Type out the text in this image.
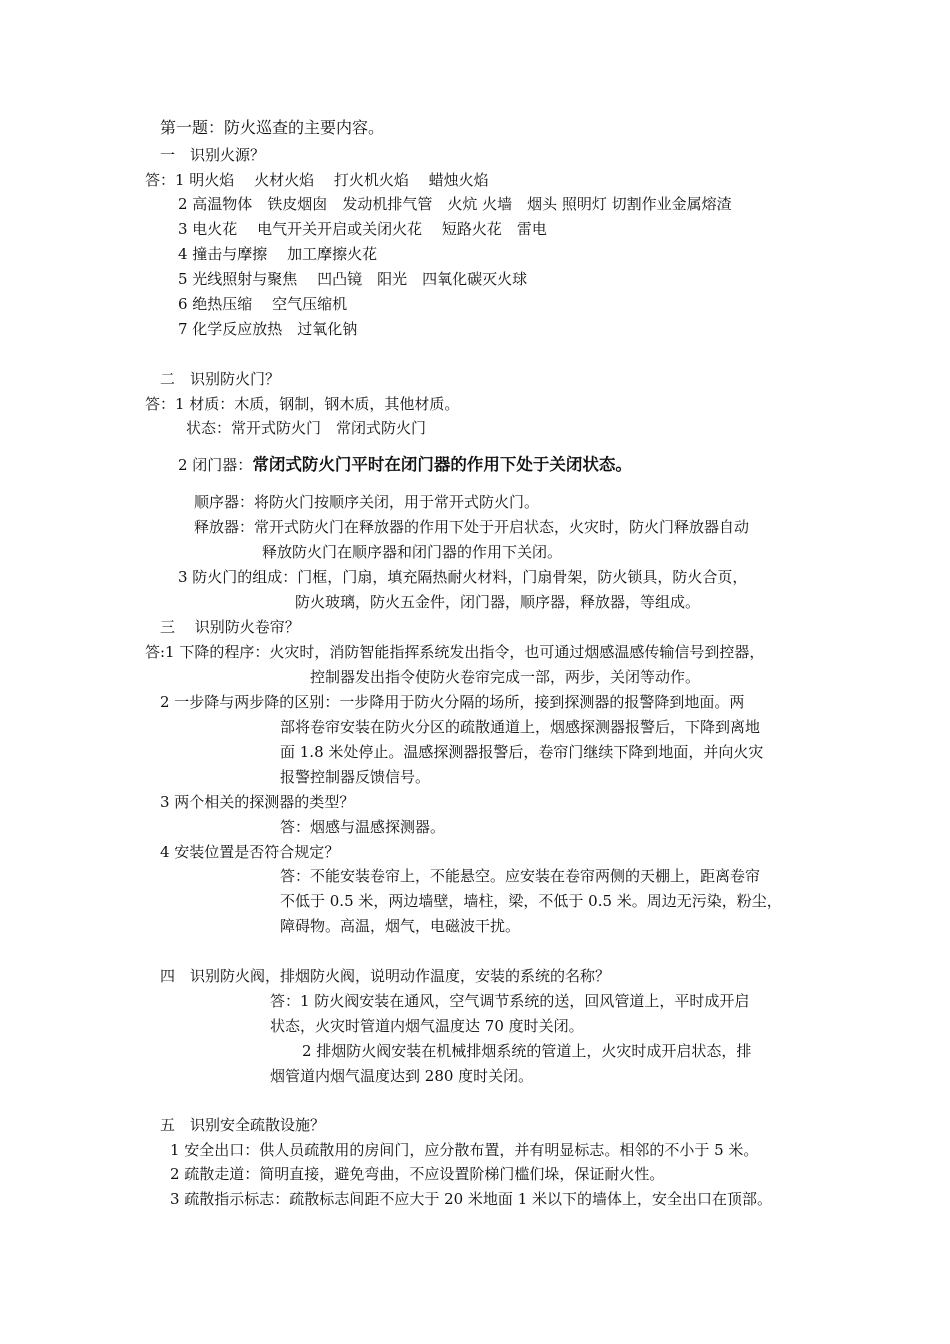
第一题：防火巡查的主要内容。
一　识别火源？
答：1 明火焰　 火材火焰　 打火机火焰　 蜡烛火焰
2 高温物体　铁皮烟囱　发动机排气管　火炕 火墙　烟头 照明灯 切割作业金属熔渣
3 电火花　 电气开关开启或关闭火花　 短路火花　雷电
4 撞击与摩擦　 加工摩擦火花
5 光线照射与聚焦　 凹凸镜　阳光　四氧化碳灭火球
6 绝热压缩　 空气压缩机
7 化学反应放热　过氧化钠
二　识别防火门？
答：1 材质：木质，钢制，钢木质，其他材质。
状态：常开式防火门　常闭式防火门
2 闭门器：常闭式防火门平时在闭门器的作用下处于关闭状态。
顺序器：将防火门按顺序关闭，用于常开式防火门。
释放器：常开式防火门在释放器的作用下处于开启状态，火灾时，防火门释放器自动
释放防火门在顺序器和闭门器的作用下关闭。
3 防火门的组成：门框，门扇，填充隔热耐火材料，门扇骨架，防火锁具，防火合页，
防火玻璃，防火五金件，闭门器，顺序器，释放器，等组成。
三　 识别防火卷帘？
答:1 下降的程序：火灾时，消防智能指挥系统发出指令，也可通过烟感温感传输信号到控器，
控制器发出指令使防火卷帘完成一部，两步，关闭等动作。
2 一步降与两步降的区别：一步降用于防火分隔的场所，接到探测器的报警降到地面。两
部将卷帘安装在防火分区的疏散通道上，烟感探测器报警后，下降到离地
面 1.8 米处停止。温感探测器报警后，卷帘门继续下降到地面，并向火灾
报警控制器反馈信号。
3 两个相关的探测器的类型？
答：烟感与温感探测器。
4 安装位置是否符合规定？
答：不能安装卷帘上，不能悬空。应安装在卷帘两侧的天棚上，距离卷帘
不低于 0.5 米，两边墙壁，墙柱，梁，不低于 0.5 米。周边无污染，粉尘，
障碍物。高温，烟气，电磁波干扰。
四　识别防火阀，排烟防火阀，说明动作温度，安装的系统的名称？
答：1 防火阀安装在通风，空气调节系统的送，回风管道上，平时成开启
状态，火灾时管道内烟气温度达 70 度时关闭。
2 排烟防火阀安装在机械排烟系统的管道上，火灾时成开启状态，排
烟管道内烟气温度达到 280 度时关闭。
五　识别安全疏散设施？
1 安全出口：供人员疏散用的房间门，应分散布置，并有明显标志。相邻的不小于 5 米。
2 疏散走道：简明直接，避免弯曲，不应设置阶梯门槛们垛，保证耐火性。
3 疏散指示标志：疏散标志间距不应大于 20 米地面 1 米以下的墙体上，安全出口在顶部。
